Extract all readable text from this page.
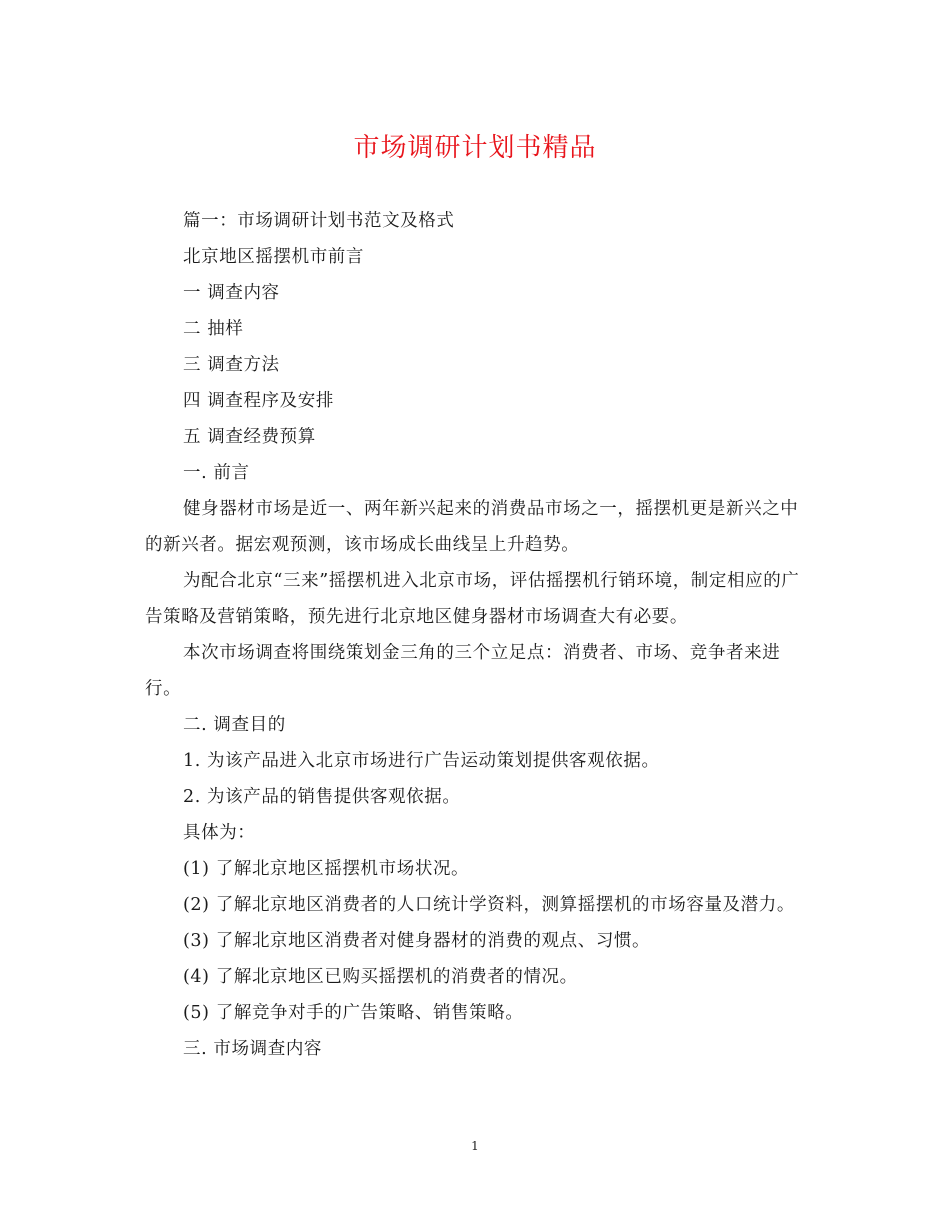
市场调研计划书精品

篇一：市场调研计划书范文及格式

北京地区摇摆机市前言

一 调查内容

二 抽样

三 调查方法

四 调查程序及安排

五 调查经费预算

一. 前言

健身器材市场是近一、两年新兴起来的消费品市场之一，摇摆机更是新兴之中的新兴者。据宏观预测，该市场成长曲线呈上升趋势。

为配合北京“三来”摇摆机进入北京市场，评估摇摆机行销环境，制定相应的广告策略及营销策略，预先进行北京地区健身器材市场调查大有必要。

本次市场调查将围绕策划金三角的三个立足点：消费者、市场、竞争者来进行。

二. 调查目的

1. 为该产品进入北京市场进行广告运动策划提供客观依据。

2. 为该产品的销售提供客观依据。

具体为：

(1) 了解北京地区摇摆机市场状况。

(2) 了解北京地区消费者的人口统计学资料，测算摇摆机的市场容量及潜力。

(3) 了解北京地区消费者对健身器材的消费的观点、习惯。

(4) 了解北京地区已购买摇摆机的消费者的情况。

(5) 了解竞争对手的广告策略、销售策略。

三. 市场调查内容

1
